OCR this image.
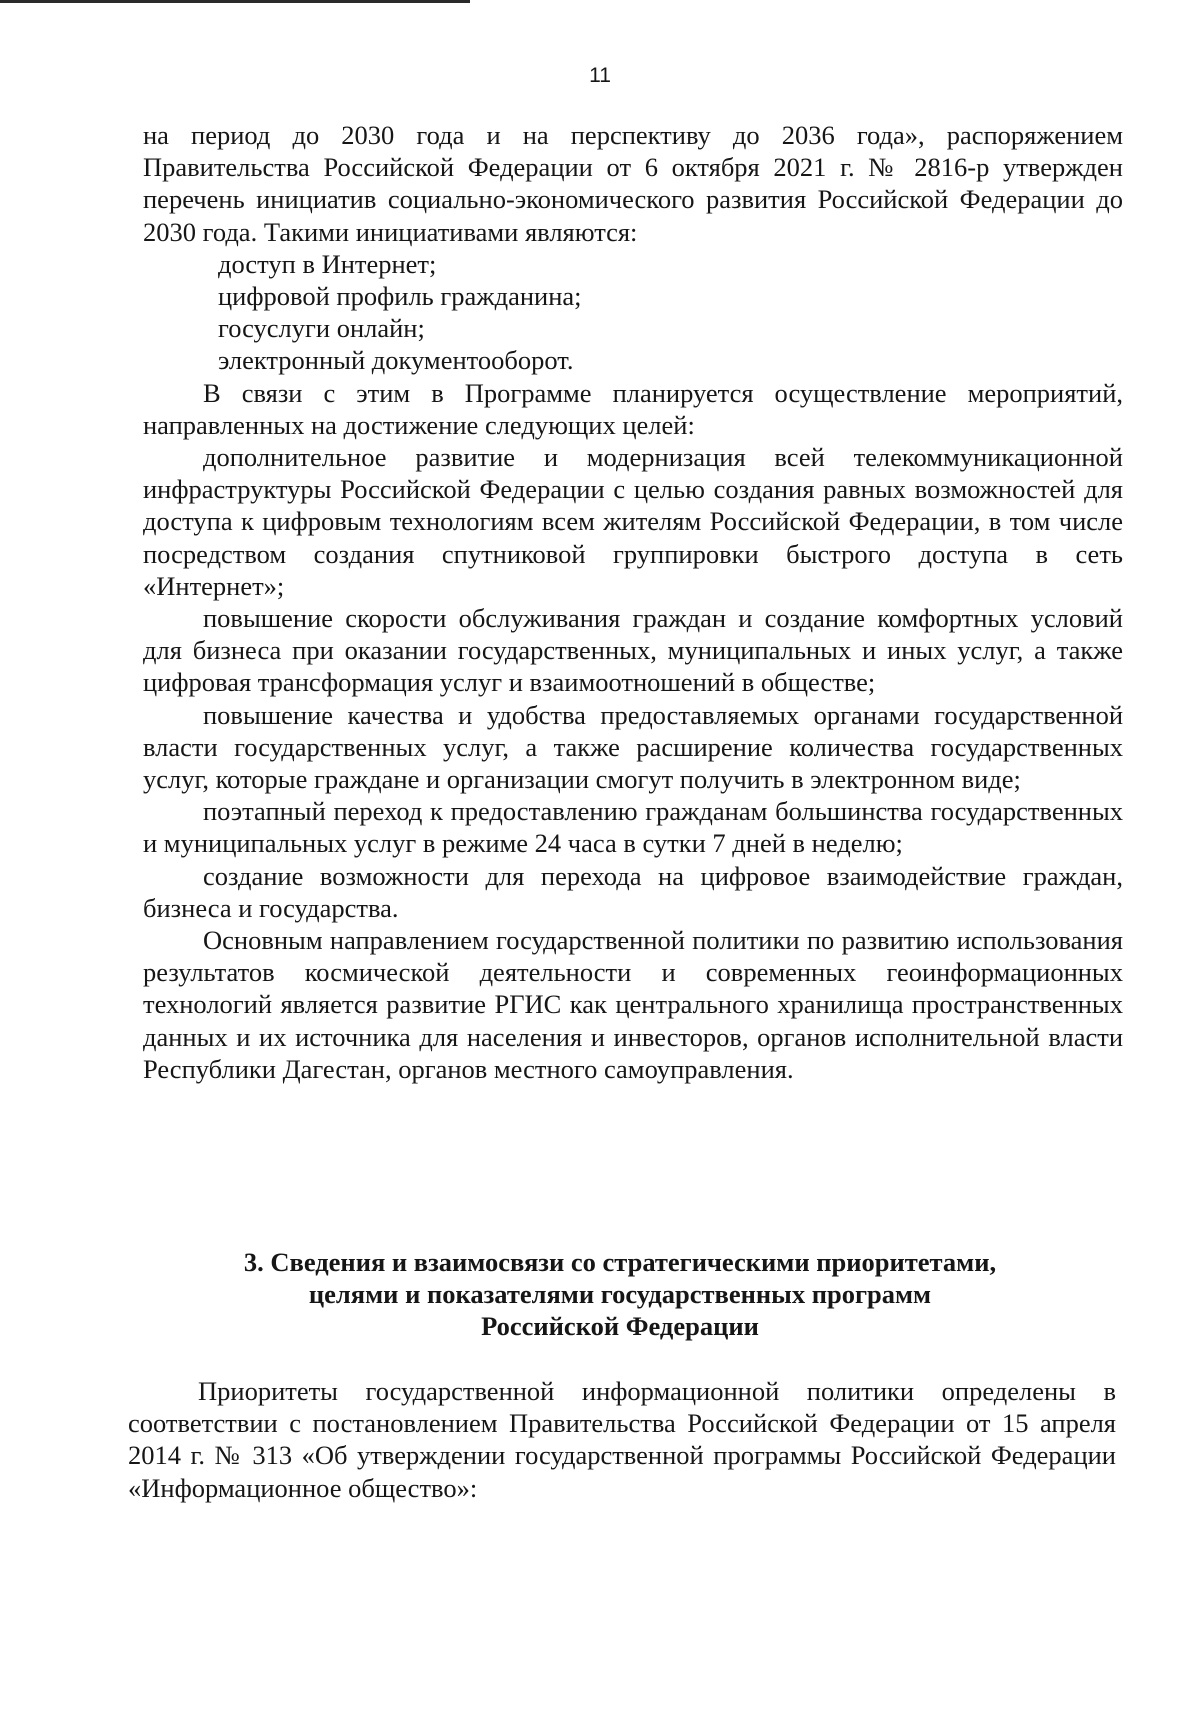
11

на период до 2030 года и на перспективу до 2036 года», распоряжением Правительства Российской Федерации от 6 октября 2021 г. № 2816-р утвержден перечень инициатив социально-экономического развития Российской Федерации до 2030 года. Такими инициативами являются:

доступ в Интернет;

цифровой профиль гражданина;

госуслуги онлайн;

электронный документооборот.

В связи с этим в Программе планируется осуществление мероприятий, направленных на достижение следующих целей:

дополнительное развитие и модернизация всей телекоммуникационной инфраструктуры Российской Федерации с целью создания равных возможностей для доступа к цифровым технологиям всем жителям Российской Федерации, в том числе посредством создания спутниковой группировки быстрого доступа в сеть «Интернет»;

повышение скорости обслуживания граждан и создание комфортных условий для бизнеса при оказании государственных, муниципальных и иных услуг, а также цифровая трансформация услуг и взаимоотношений в обществе;

повышение качества и удобства предоставляемых органами государственной власти государственных услуг, а также расширение количества государственных услуг, которые граждане и организации смогут получить в электронном виде;

поэтапный переход к предоставлению гражданам большинства государственных и муниципальных услуг в режиме 24 часа в сутки 7 дней в неделю;

создание возможности для перехода на цифровое взаимодействие граждан, бизнеса и государства.

Основным направлением государственной политики по развитию использования результатов космической деятельности и современных геоинформационных технологий является развитие РГИС как центрального хранилища пространственных данных и их источника для населения и инвесторов, органов исполнительной власти Республики Дагестан, органов местного самоуправления.

3. Сведения и взаимосвязи со стратегическими приоритетами,
целями и показателями государственных программ
Российской Федерации

Приоритеты государственной информационной политики определены в соответствии с постановлением Правительства Российской Федерации от 15 апреля 2014 г. № 313 «Об утверждении государственной программы Российской Федерации «Информационное общество»:
